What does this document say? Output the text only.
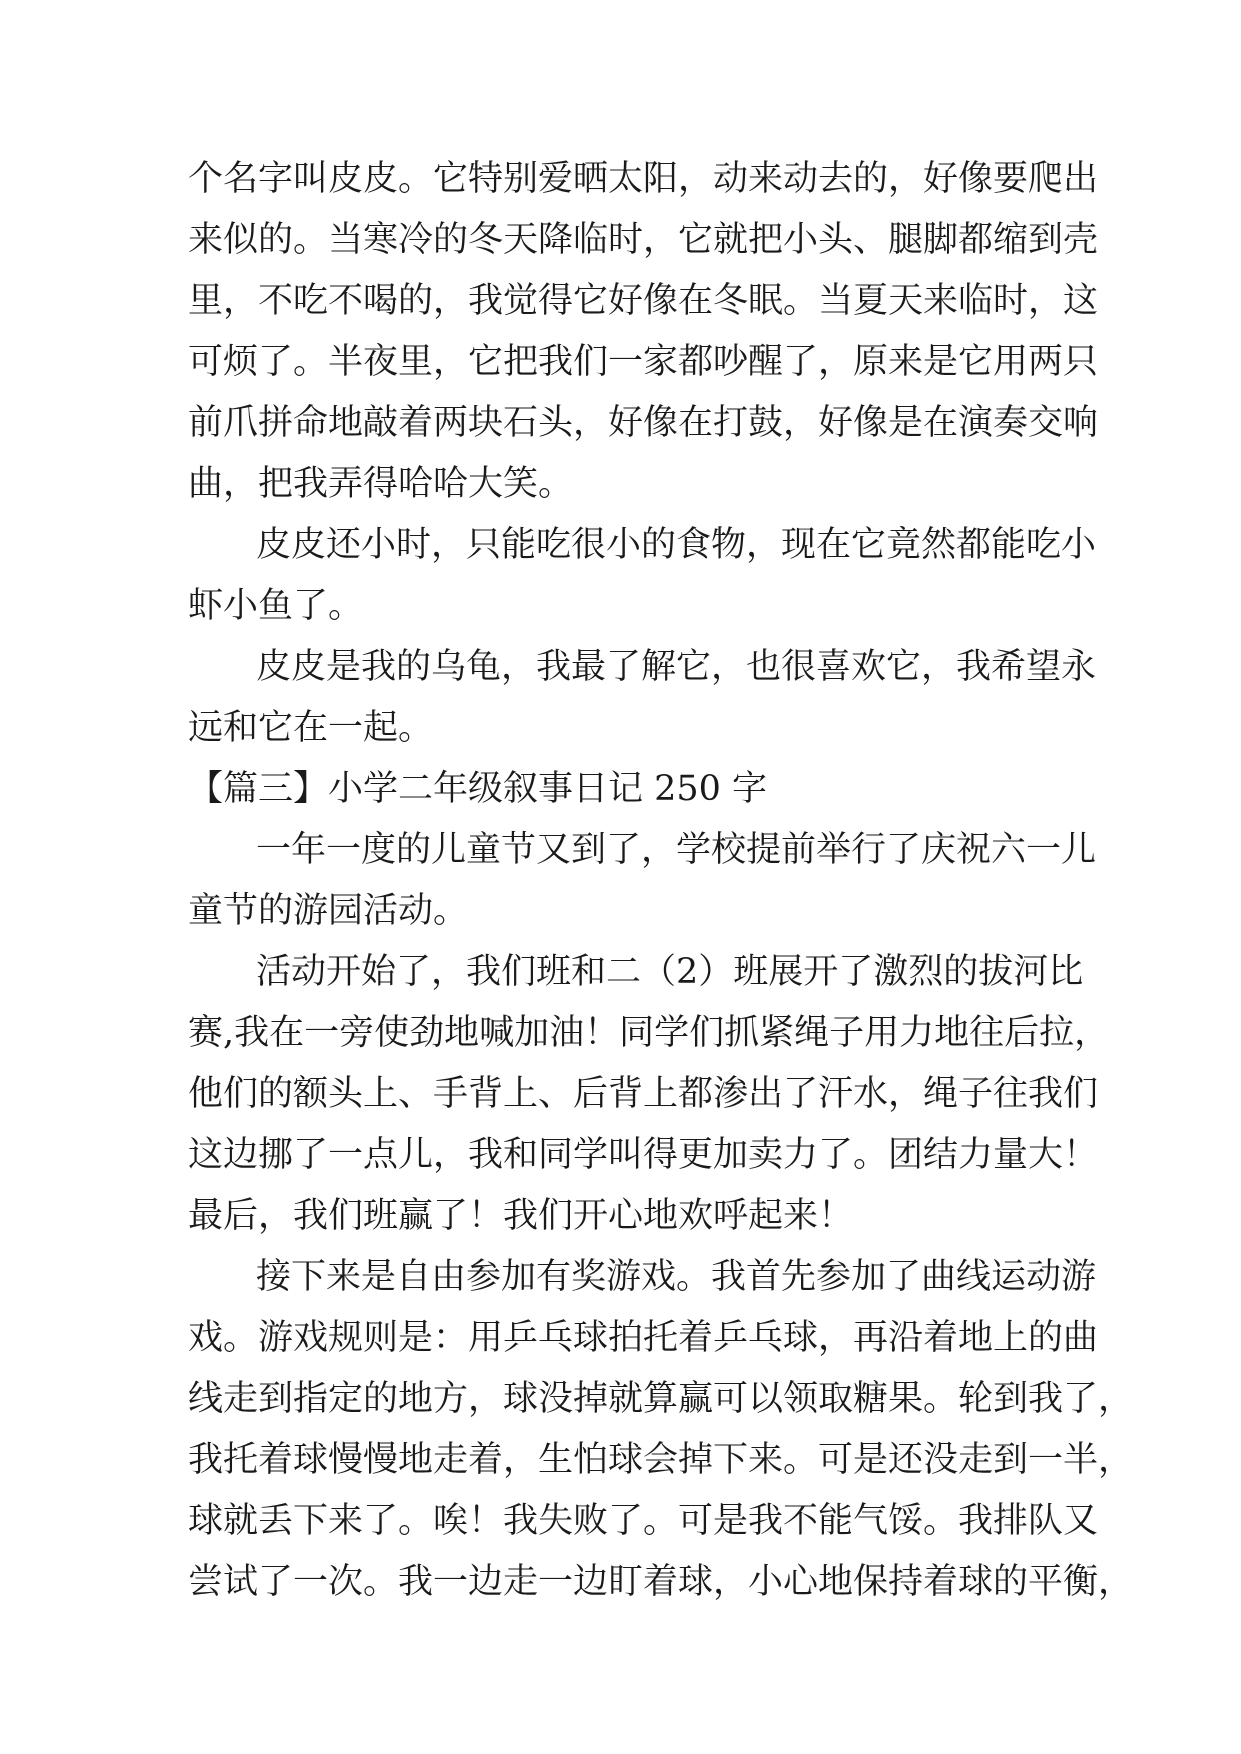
个名字叫皮皮。它特别爱晒太阳，动来动去的，好像要爬出
来似的。当寒冷的冬天降临时，它就把小头、腿脚都缩到壳
里，不吃不喝的，我觉得它好像在冬眠。当夏天来临时，这
可烦了。半夜里，它把我们一家都吵醒了，原来是它用两只
前爪拼命地敲着两块石头，好像在打鼓，好像是在演奏交响
曲，把我弄得哈哈大笑。
皮皮还小时，只能吃很小的食物，现在它竟然都能吃小
虾小鱼了。
皮皮是我的乌龟，我最了解它，也很喜欢它，我希望永
远和它在一起。
【篇三】小学二年级叙事日记 250 字
一年一度的儿童节又到了，学校提前举行了庆祝六一儿
童节的游园活动。
活动开始了，我们班和二（2）班展开了激烈的拔河比
赛,我在一旁使劲地喊加油！同学们抓紧绳子用力地往后拉，
他们的额头上、手背上、后背上都渗出了汗水，绳子往我们
这边挪了一点儿，我和同学叫得更加卖力了。团结力量大！
最后，我们班赢了！我们开心地欢呼起来！
接下来是自由参加有奖游戏。我首先参加了曲线运动游
戏。游戏规则是：用乒乓球拍托着乒乓球，再沿着地上的曲
线走到指定的地方，球没掉就算赢可以领取糖果。轮到我了，
我托着球慢慢地走着，生怕球会掉下来。可是还没走到一半，
球就丢下来了。唉！我失败了。可是我不能气馁。我排队又
尝试了一次。我一边走一边盯着球，小心地保持着球的平衡，
